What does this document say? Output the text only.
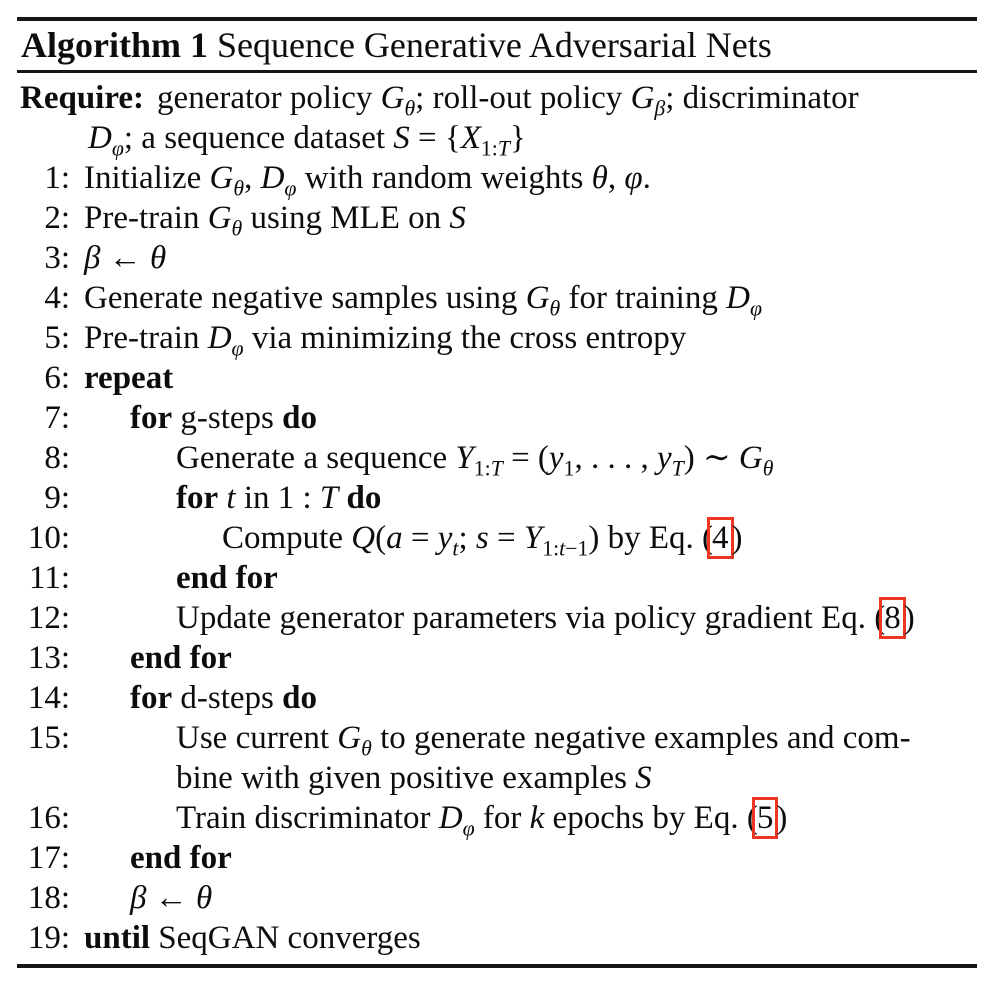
Algorithm 1 Sequence Generative Adversarial Nets
Require: generator policy $G_\theta$; roll-out policy $G_\beta$; discriminator
$D_\varphi$; a sequence dataset $S = \{X_{1:T}\}$
1: Initialize $G_\theta$, $D_\varphi$ with random weights θ, φ.
2: Pre-train $G_\theta$ using MLE on S
3: β ← θ
4: Generate negative samples using $G_\theta$ for training $D_\varphi$
5: Pre-train $D_\varphi$ via minimizing the cross entropy
6: repeat
7: for g-steps do
8:	Generate a sequence $Y_{1:T} = (y_1$, . . . , $y_T$) ∼ $G_\theta$
9:	for t in 1 : T do
10:	Compute $Q(a = y_t$; $s = Y_{1:t-1}$) by Eq. (4)
11:	end for
12:	Update generator parameters via policy gradient Eq. (8)
13: end for
14: for d-steps do
15:	Use current $G_\theta$ to generate negative examples and com-
bine with given positive examples S
16:	Train discriminator $D_\varphi$ for k epochs by Eq. (5)
17: end for
18: β ← θ
19: until SeqGAN converges
